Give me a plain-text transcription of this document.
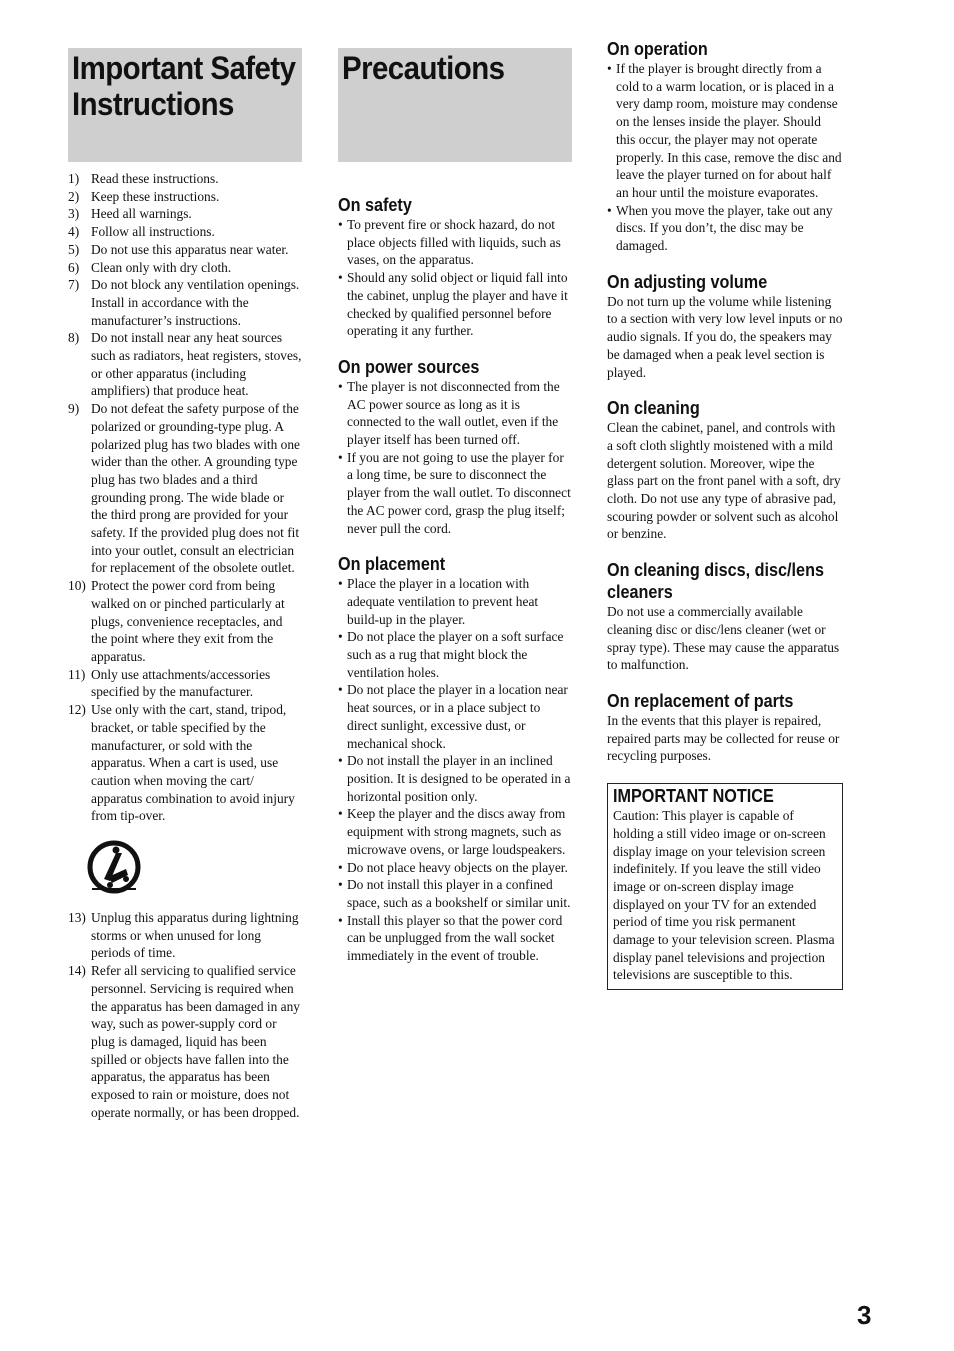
Important Safety
Instructions
1) Read these instructions.
2) Keep these instructions.
3) Heed all warnings.
4) Follow all instructions.
5) Do not use this apparatus near water.
6) Clean only with dry cloth.
7) Do not block any ventilation openings. Install in accordance with the manufacturer’s instructions.
8) Do not install near any heat sources such as radiators, heat registers, stoves, or other apparatus (including amplifiers) that produce heat.
9) Do not defeat the safety purpose of the polarized or grounding-type plug. A polarized plug has two blades with one wider than the other. A grounding type plug has two blades and a third grounding prong. The wide blade or the third prong are provided for your safety. If the provided plug does not fit into your outlet, consult an electrician for replacement of the obsolete outlet.
10) Protect the power cord from being walked on or pinched particularly at plugs, convenience receptacles, and the point where they exit from the apparatus.
11) Only use attachments/accessories specified by the manufacturer.
12) Use only with the cart, stand, tripod, bracket, or table specified by the manufacturer, or sold with the apparatus. When a cart is used, use caution when moving the cart/ apparatus combination to avoid injury from tip-over.
13) Unplug this apparatus during lightning storms or when unused for long periods of time.
14) Refer all servicing to qualified service personnel. Servicing is required when the apparatus has been damaged in any way, such as power-supply cord or plug is damaged, liquid has been spilled or objects have fallen into the apparatus, the apparatus has been exposed to rain or moisture, does not operate normally, or has been dropped.
Precautions
On safety
• To prevent fire or shock hazard, do not place objects filled with liquids, such as vases, on the apparatus.
• Should any solid object or liquid fall into the cabinet, unplug the player and have it checked by qualified personnel before operating it any further.
On power sources
• The player is not disconnected from the AC power source as long as it is connected to the wall outlet, even if the player itself has been turned off.
• If you are not going to use the player for a long time, be sure to disconnect the player from the wall outlet. To disconnect the AC power cord, grasp the plug itself; never pull the cord.
On placement
• Place the player in a location with adequate ventilation to prevent heat build-up in the player.
• Do not place the player on a soft surface such as a rug that might block the ventilation holes.
• Do not place the player in a location near heat sources, or in a place subject to direct sunlight, excessive dust, or mechanical shock.
• Do not install the player in an inclined position. It is designed to be operated in a horizontal position only.
• Keep the player and the discs away from equipment with strong magnets, such as microwave ovens, or large loudspeakers.
• Do not place heavy objects on the player.
• Do not install this player in a confined space, such as a bookshelf or similar unit.
• Install this player so that the power cord can be unplugged from the wall socket immediately in the event of trouble.
On operation
• If the player is brought directly from a cold to a warm location, or is placed in a very damp room, moisture may condense on the lenses inside the player. Should this occur, the player may not operate properly. In this case, remove the disc and leave the player turned on for about half an hour until the moisture evaporates.
• When you move the player, take out any discs. If you don’t, the disc may be damaged.
On adjusting volume

Do not turn up the volume while listening to a section with very low level inputs or no audio signals. If you do, the speakers may be damaged when a peak level section is played.

On cleaning

Clean the cabinet, panel, and controls with a soft cloth slightly moistened with a mild detergent solution. Moreover, wipe the glass part on the front panel with a soft, dry cloth. Do not use any type of abrasive pad, scouring powder or solvent such as alcohol or benzine.

On cleaning discs, disc/lens cleaners

Do not use a commercially available cleaning disc or disc/lens cleaner (wet or spray type). These may cause the apparatus to malfunction.

On replacement of parts

In the events that this player is repaired, repaired parts may be collected for reuse or recycling purposes.

IMPORTANT NOTICE

Caution: This player is capable of holding a still video image or on-screen display image on your television screen indefinitely. If you leave the still video image or on-screen display image displayed on your TV for an extended period of time you risk permanent damage to your television screen. Plasma display panel televisions and projection televisions are susceptible to this.

3
